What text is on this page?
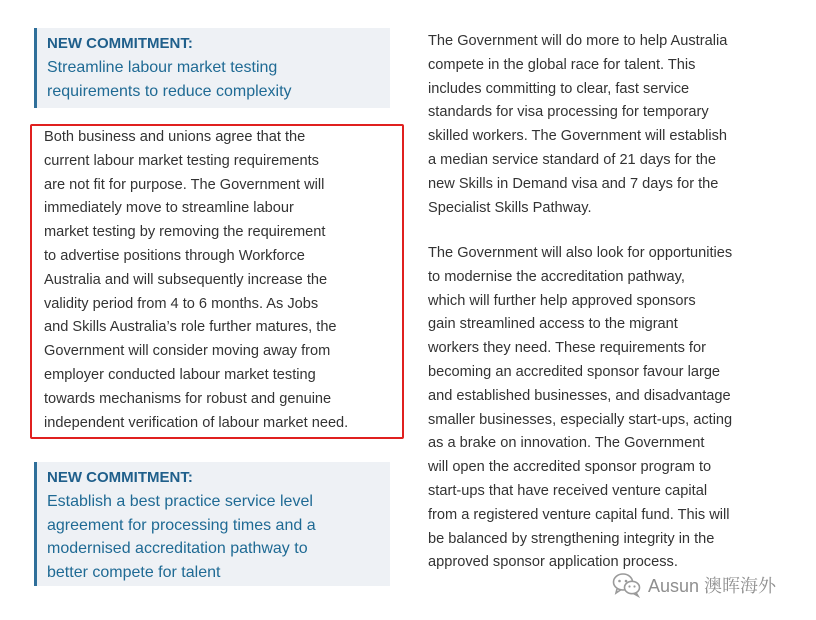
NEW COMMITMENT:

Streamline labour market testing

requirements to reduce complexity

Both business and unions agree that the
current labour market testing requirements
are not fit for purpose. The Government will
immediately move to streamline labour
market testing by removing the requirement
to advertise positions through Workforce
Australia and will subsequently increase the
validity period from 4 to 6 months. As Jobs
and Skills Australia’s role further matures, the
Government will consider moving away from
employer conducted labour market testing
towards mechanisms for robust and genuine
independent verification of labour market need.

NEW COMMITMENT:

Establish a best practice service level

agreement for processing times and a

modernised accreditation pathway to

better compete for talent

The Government will do more to help Australia
compete in the global race for talent. This
includes committing to clear, fast service
standards for visa processing for temporary
skilled workers. The Government will establish
a median service standard of 21 days for the
new Skills in Demand visa and 7 days for the
Specialist Skills Pathway.
The Government will also look for opportunities
to modernise the accreditation pathway,
which will further help approved sponsors
gain streamlined access to the migrant
workers they need. These requirements for
becoming an accredited sponsor favour large
and established businesses, and disadvantage
smaller businesses, especially start-ups, acting
as a brake on innovation. The Government
will open the accredited sponsor program to
start-ups that have received venture capital
from a registered venture capital fund. This will
be balanced by strengthening integrity in the
approved sponsor application process.
Ausun 澳晖海外
